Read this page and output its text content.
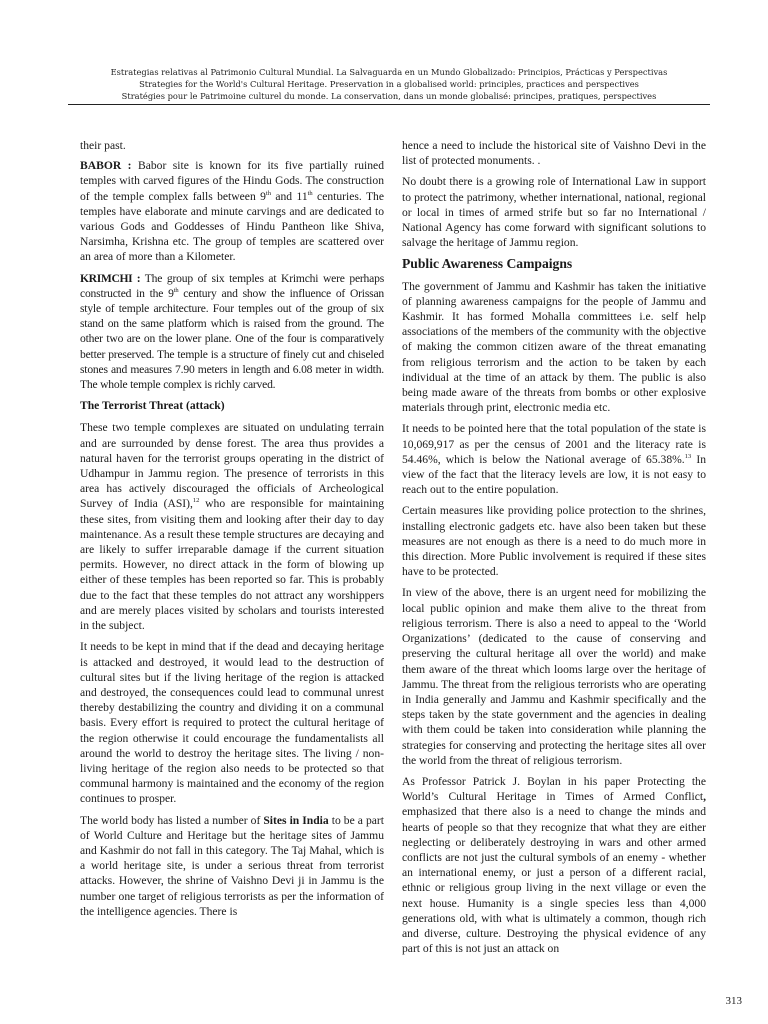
Estrategias relativas al Patrimonio Cultural Mundial. La Salvaguarda en un Mundo Globalizado: Principios, Prácticas y Perspectivas
Strategies for the World's Cultural Heritage. Preservation in a globalised world: principles, practices and perspectives
Stratégies pour le Patrimoine culturel du monde. La conservation, dans un monde globalisé: principes, pratiques, perspectives

their past.

BABOR : Babor site is known for its five partially ruined temples with carved figures of the Hindu Gods. The construction of the temple complex falls between 9th and 11th centuries. The temples have elaborate and minute carvings and are dedicated to various Gods and Goddesses of Hindu Pantheon like Shiva, Narsimha, Krishna etc. The group of temples are scattered over an area of more than a Kilometer.

KRIMCHI : The group of six temples at Krimchi were perhaps constructed in the 9th century and show the influence of Orissan style of temple architecture. Four temples out of the group of six stand on the same platform which is raised from the ground. The other two are on the lower plane. One of the four is comparatively better preserved. The temple is a structure of finely cut and chiseled stones and measures 7.90 meters in length and 6.08 meter in width. The whole temple complex is richly carved.

The Terrorist Threat (attack)

These two temple complexes are situated on undulating terrain and are surrounded by dense forest. The area thus provides a natural haven for the terrorist groups operating in the district of Udhampur in Jammu region. The presence of terrorists in this area has actively discouraged the officials of Archeological Survey of India (ASI),$^{12}$ who are responsible for maintaining these sites, from visiting them and looking after their day to day maintenance. As a result these temple structures are decaying and are likely to suffer irreparable damage if the current situation permits. However, no direct attack in the form of blowing up either of these temples has been reported so far. This is probably due to the fact that these temples do not attract any worshippers and are merely places visited by scholars and tourists interested in the subject.

It needs to be kept in mind that if the dead and decaying heritage is attacked and destroyed, it would lead to the destruction of cultural sites but if the living heritage of the region is attacked and destroyed, the consequences could lead to communal unrest thereby destabilizing the country and dividing it on a communal basis. Every effort is required to protect the cultural heritage of the region otherwise it could encourage the fundamentalists all around the world to destroy the heritage sites. The living / non-living heritage of the region also needs to be protected so that communal harmony is maintained and the economy of the region continues to prosper.

The world body has listed a number of Sites in India to be a part of World Culture and Heritage but the heritage sites of Jammu and Kashmir do not fall in this category. The Taj Mahal, which is a world heritage site, is under a serious threat from terrorist attacks. However, the shrine of Vaishno Devi ji in Jammu is the number one target of religious terrorists as per the information of the intelligence agencies. There is

hence a need to include the historical site of Vaishno Devi in the list of protected monuments. .

No doubt there is a growing role of International Law in support to protect the patrimony, whether international, national, regional or local in times of armed strife but so far no International / National Agency has come forward with significant solutions to salvage the heritage of Jammu region.

Public Awareness Campaigns

The government of Jammu and Kashmir has taken the initiative of planning awareness campaigns for the people of Jammu and Kashmir. It has formed Mohalla committees i.e. self help associations of the members of the community with the objective of making the common citizen aware of the threat emanating from religious terrorism and the action to be taken by each individual at the time of an attack by them. The public is also being made aware of the threats from bombs or other explosive materials through print, electronic media etc.

It needs to be pointed here that the total population of the state is 10,069,917 as per the census of 2001 and the literacy rate is 54.46%, which is below the National average of 65.38%.$^{13}$ In view of the fact that the literacy levels are low, it is not easy to reach out to the entire population.

Certain measures like providing police protection to the shrines, installing electronic gadgets etc. have also been taken but these measures are not enough as there is a need to do much more in this direction. More Public involvement is required if these sites have to be protected.

In view of the above, there is an urgent need for mobilizing the local public opinion and make them alive to the threat from religious terrorism. There is also a need to appeal to the ‘World Organizations’ (dedicated to the cause of conserving and preserving the cultural heritage all over the world) and make them aware of the threat which looms large over the heritage of Jammu. The threat from the religious terrorists who are operating in India generally and Jammu and Kashmir specifically and the steps taken by the state government and the agencies in dealing with them could be taken into consideration while planning the strategies for conserving and protecting the heritage sites all over the world from the threat of religious terrorism.

As Professor Patrick J. Boylan in his paper Protecting the World’s Cultural Heritage in Times of Armed Conflict, emphasized that there also is a need to change the minds and hearts of people so that they recognize that what they are either neglecting or deliberately destroying in wars and other armed conflicts are not just the cultural symbols of an enemy - whether an international enemy, or just a person of a different racial, ethnic or religious group living in the next village or even the next house. Humanity is a single species less than 4,000 generations old, with what is ultimately a common, though rich and diverse, culture. Destroying the physical evidence of any part of this is not just an attack on

313
